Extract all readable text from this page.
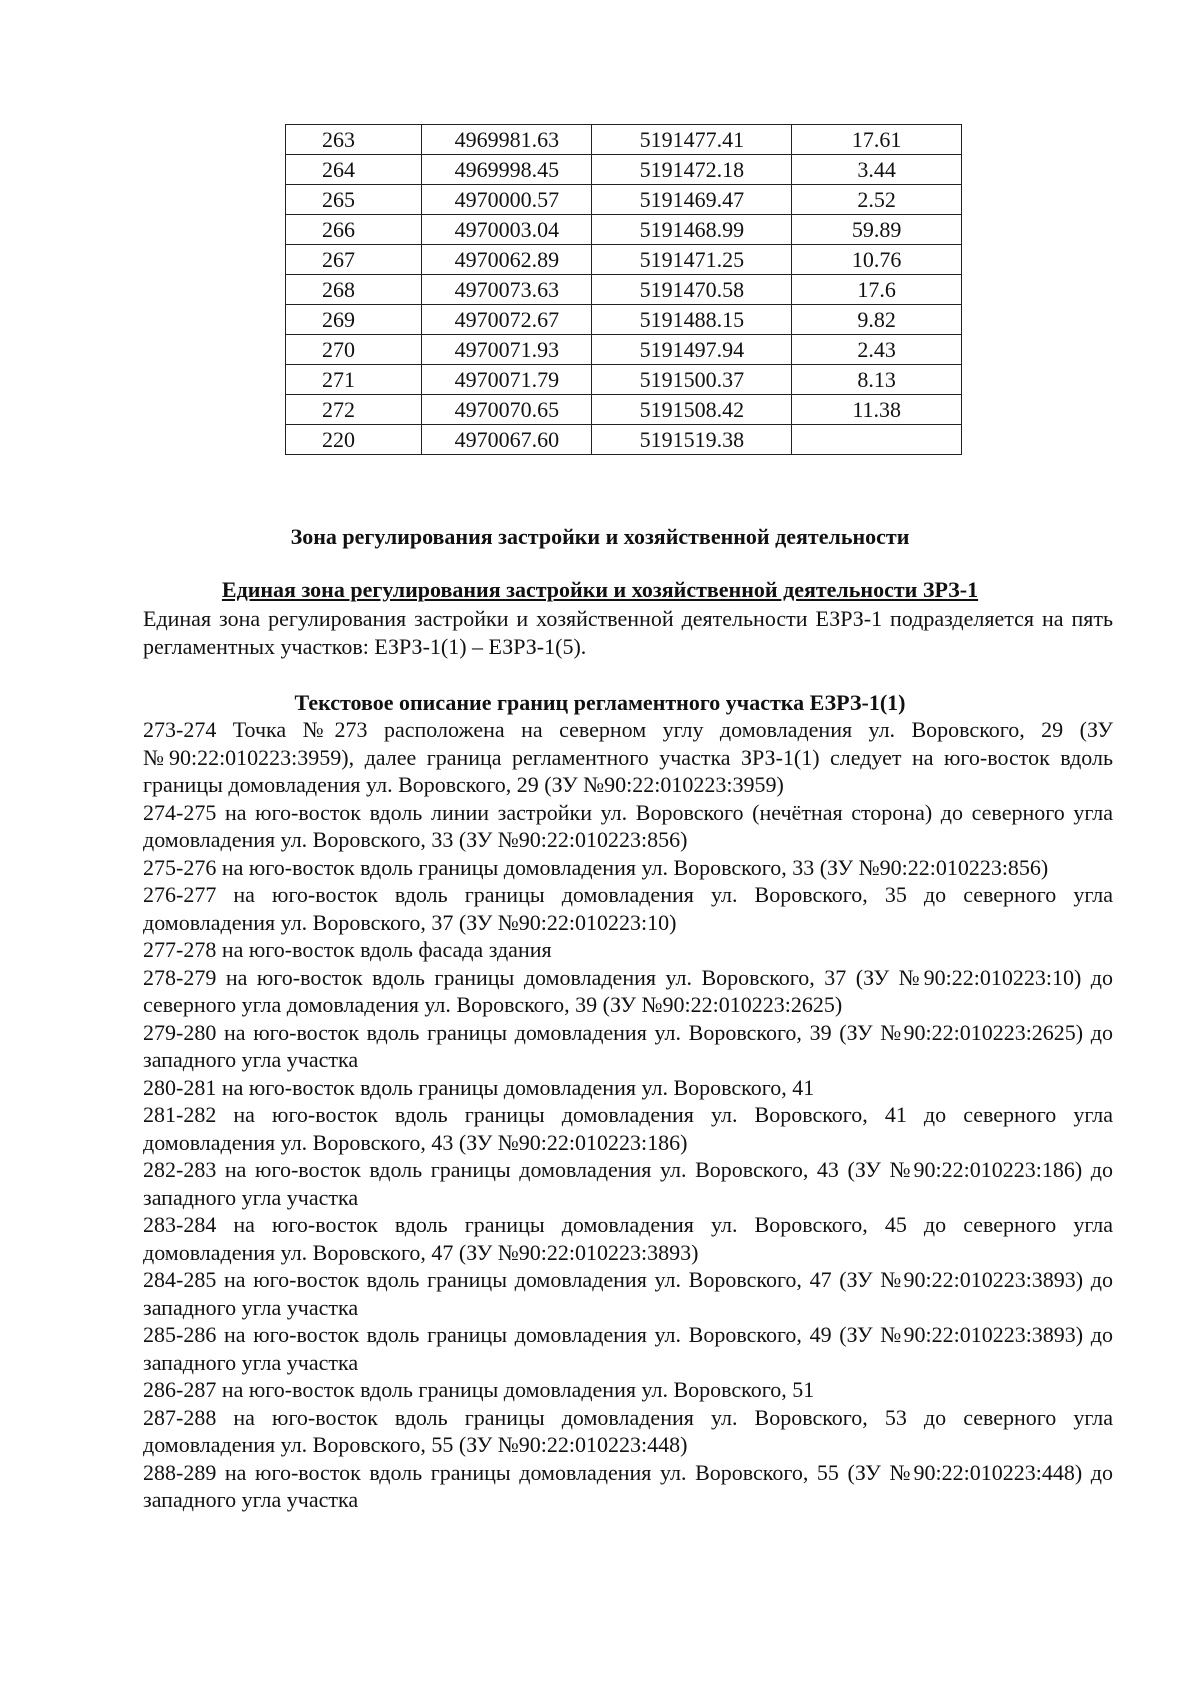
263	4969981.63	5191477.41	17.61
264	4969998.45	5191472.18	3.44
265	4970000.57	5191469.47	2.52
266	4970003.04	5191468.99	59.89
267	4970062.89	5191471.25	10.76
268	4970073.63	5191470.58	17.6
269	4970072.67	5191488.15	9.82
270	4970071.93	5191497.94	2.43
271	4970071.79	5191500.37	8.13
272	4970070.65	5191508.42	11.38
220	4970067.60	5191519.38	
Зона регулирования застройки и хозяйственной деятельности
Единая зона регулирования застройки и хозяйственной деятельности ЗРЗ-1

Единая зона регулирования застройки и хозяйственной деятельности ЕЗРЗ-1 подразделяется на пять регламентных участков: ЕЗРЗ-1(1) – ЕЗРЗ-1(5).

Текстовое описание границ регламентного участка ЕЗРЗ-1(1)

273-274 Точка №273 расположена на северном углу домовладения ул. Воровского, 29 (ЗУ №90:22:010223:3959), далее граница регламентного участка ЗРЗ-1(1) следует на юго-восток вдоль границы домовладения ул. Воровского, 29 (ЗУ №90:22:010223:3959)

274-275 на юго-восток вдоль линии застройки ул. Воровского (нечётная сторона) до северного угла домовладения ул. Воровского, 33 (ЗУ №90:22:010223:856)

275-276 на юго-восток вдоль границы домовладения ул. Воровского, 33 (ЗУ №90:22:010223:856)

276-277 на юго-восток вдоль границы домовладения ул. Воровского, 35 до северного угла домовладения ул. Воровского, 37 (ЗУ №90:22:010223:10)

277-278 на юго-восток вдоль фасада здания

278-279 на юго-восток вдоль границы домовладения ул. Воровского, 37 (ЗУ №90:22:010223:10) до северного угла домовладения ул. Воровского, 39 (ЗУ №90:22:010223:2625)

279-280 на юго-восток вдоль границы домовладения ул. Воровского, 39 (ЗУ №90:22:010223:2625) до западного угла участка

280-281 на юго-восток вдоль границы домовладения ул. Воровского, 41

281-282 на юго-восток вдоль границы домовладения ул. Воровского, 41 до северного угла домовладения ул. Воровского, 43 (ЗУ №90:22:010223:186)

282-283 на юго-восток вдоль границы домовладения ул. Воровского, 43 (ЗУ №90:22:010223:186) до западного угла участка

283-284 на юго-восток вдоль границы домовладения ул. Воровского, 45 до северного угла домовладения ул. Воровского, 47 (ЗУ №90:22:010223:3893)

284-285 на юго-восток вдоль границы домовладения ул. Воровского, 47 (ЗУ №90:22:010223:3893) до западного угла участка

285-286 на юго-восток вдоль границы домовладения ул. Воровского, 49 (ЗУ №90:22:010223:3893) до западного угла участка

286-287 на юго-восток вдоль границы домовладения ул. Воровского, 51

287-288 на юго-восток вдоль границы домовладения ул. Воровского, 53 до северного угла домовладения ул. Воровского, 55 (ЗУ №90:22:010223:448)

288-289 на юго-восток вдоль границы домовладения ул. Воровского, 55 (ЗУ №90:22:010223:448) до западного угла участка
